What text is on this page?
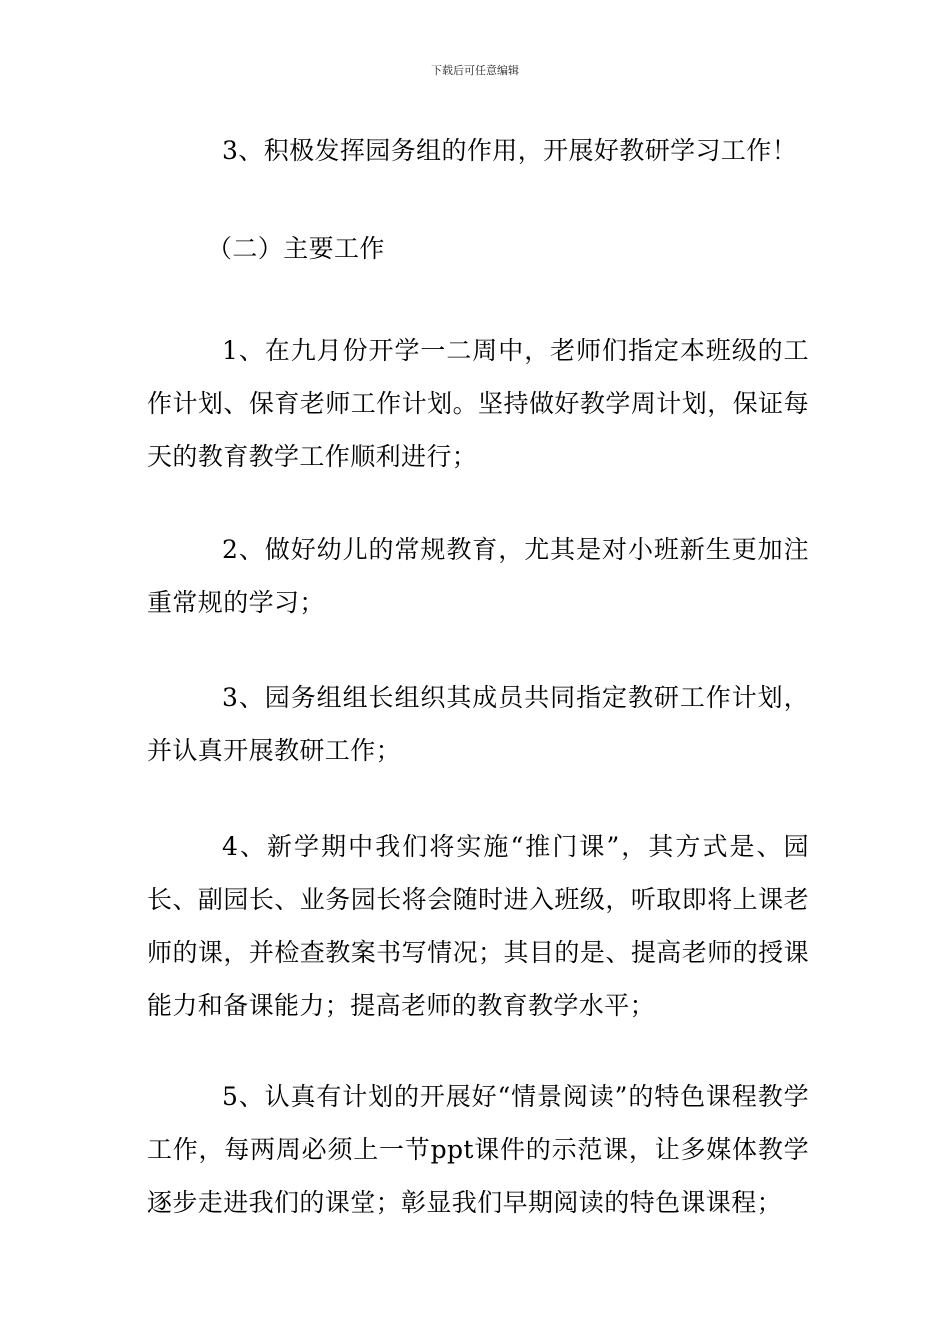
下载后可任意编辑

3、积极发挥园务组的作用，开展好教研学习工作！

（二）主要工作

1、在九月份开学一二周中，老师们指定本班级的工作计划、保育老师工作计划。坚持做好教学周计划，保证每天的教育教学工作顺利进行；

2、做好幼儿的常规教育，尤其是对小班新生更加注重常规的学习；

3、园务组组长组织其成员共同指定教研工作计划，并认真开展教研工作；

4、新学期中我们将实施“推门课”，其方式是、园长、副园长、业务园长将会随时进入班级，听取即将上课老师的课，并检查教案书写情况；其目的是、提高老师的授课能力和备课能力；提高老师的教育教学水平；

5、认真有计划的开展好“情景阅读”的特色课程教学工作，每两周必须上一节ppt课件的示范课，让多媒体教学逐步走进我们的课堂；彰显我们早期阅读的特色课课程；
